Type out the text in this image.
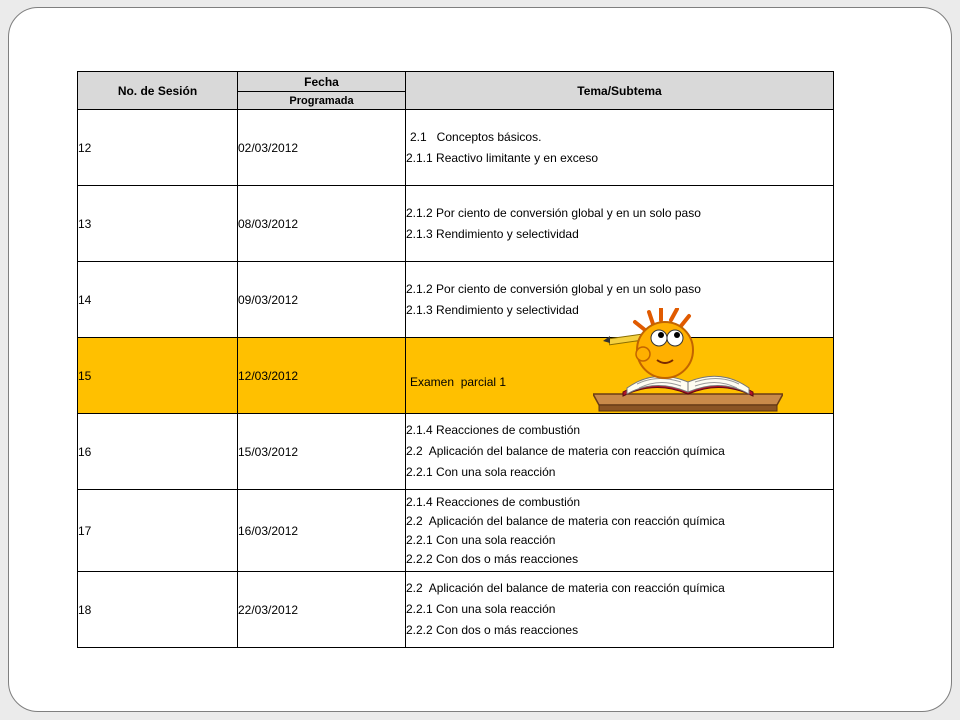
No. de Sesión	Fecha	Tema/Subtema
	Programada	
12	02/03/2012	2.1   Conceptos básicos.
2.1.1 Reactivo limitante y en exceso

13	08/03/2012	2.1.2 Por ciento de conversión global y en un solo paso
2.1.3 Rendimiento y selectividad

14	09/03/2012	2.1.2 Por ciento de conversión global y en un solo paso
2.1.3 Rendimiento y selectividad

15	12/03/2012	Examen  parcial 1

16	15/03/2012	2.1.4 Reacciones de combustión
2.2  Aplicación del balance de materia con reacción química
2.2.1 Con una sola reacción

17	16/03/2012	2.1.4 Reacciones de combustión
2.2  Aplicación del balance de materia con reacción química
2.2.1 Con una sola reacción
2.2.2 Con dos o más reacciones

18	22/03/2012	2.2  Aplicación del balance de materia con reacción química
2.2.1 Con una sola reacción
2.2.2 Con dos o más reacciones
